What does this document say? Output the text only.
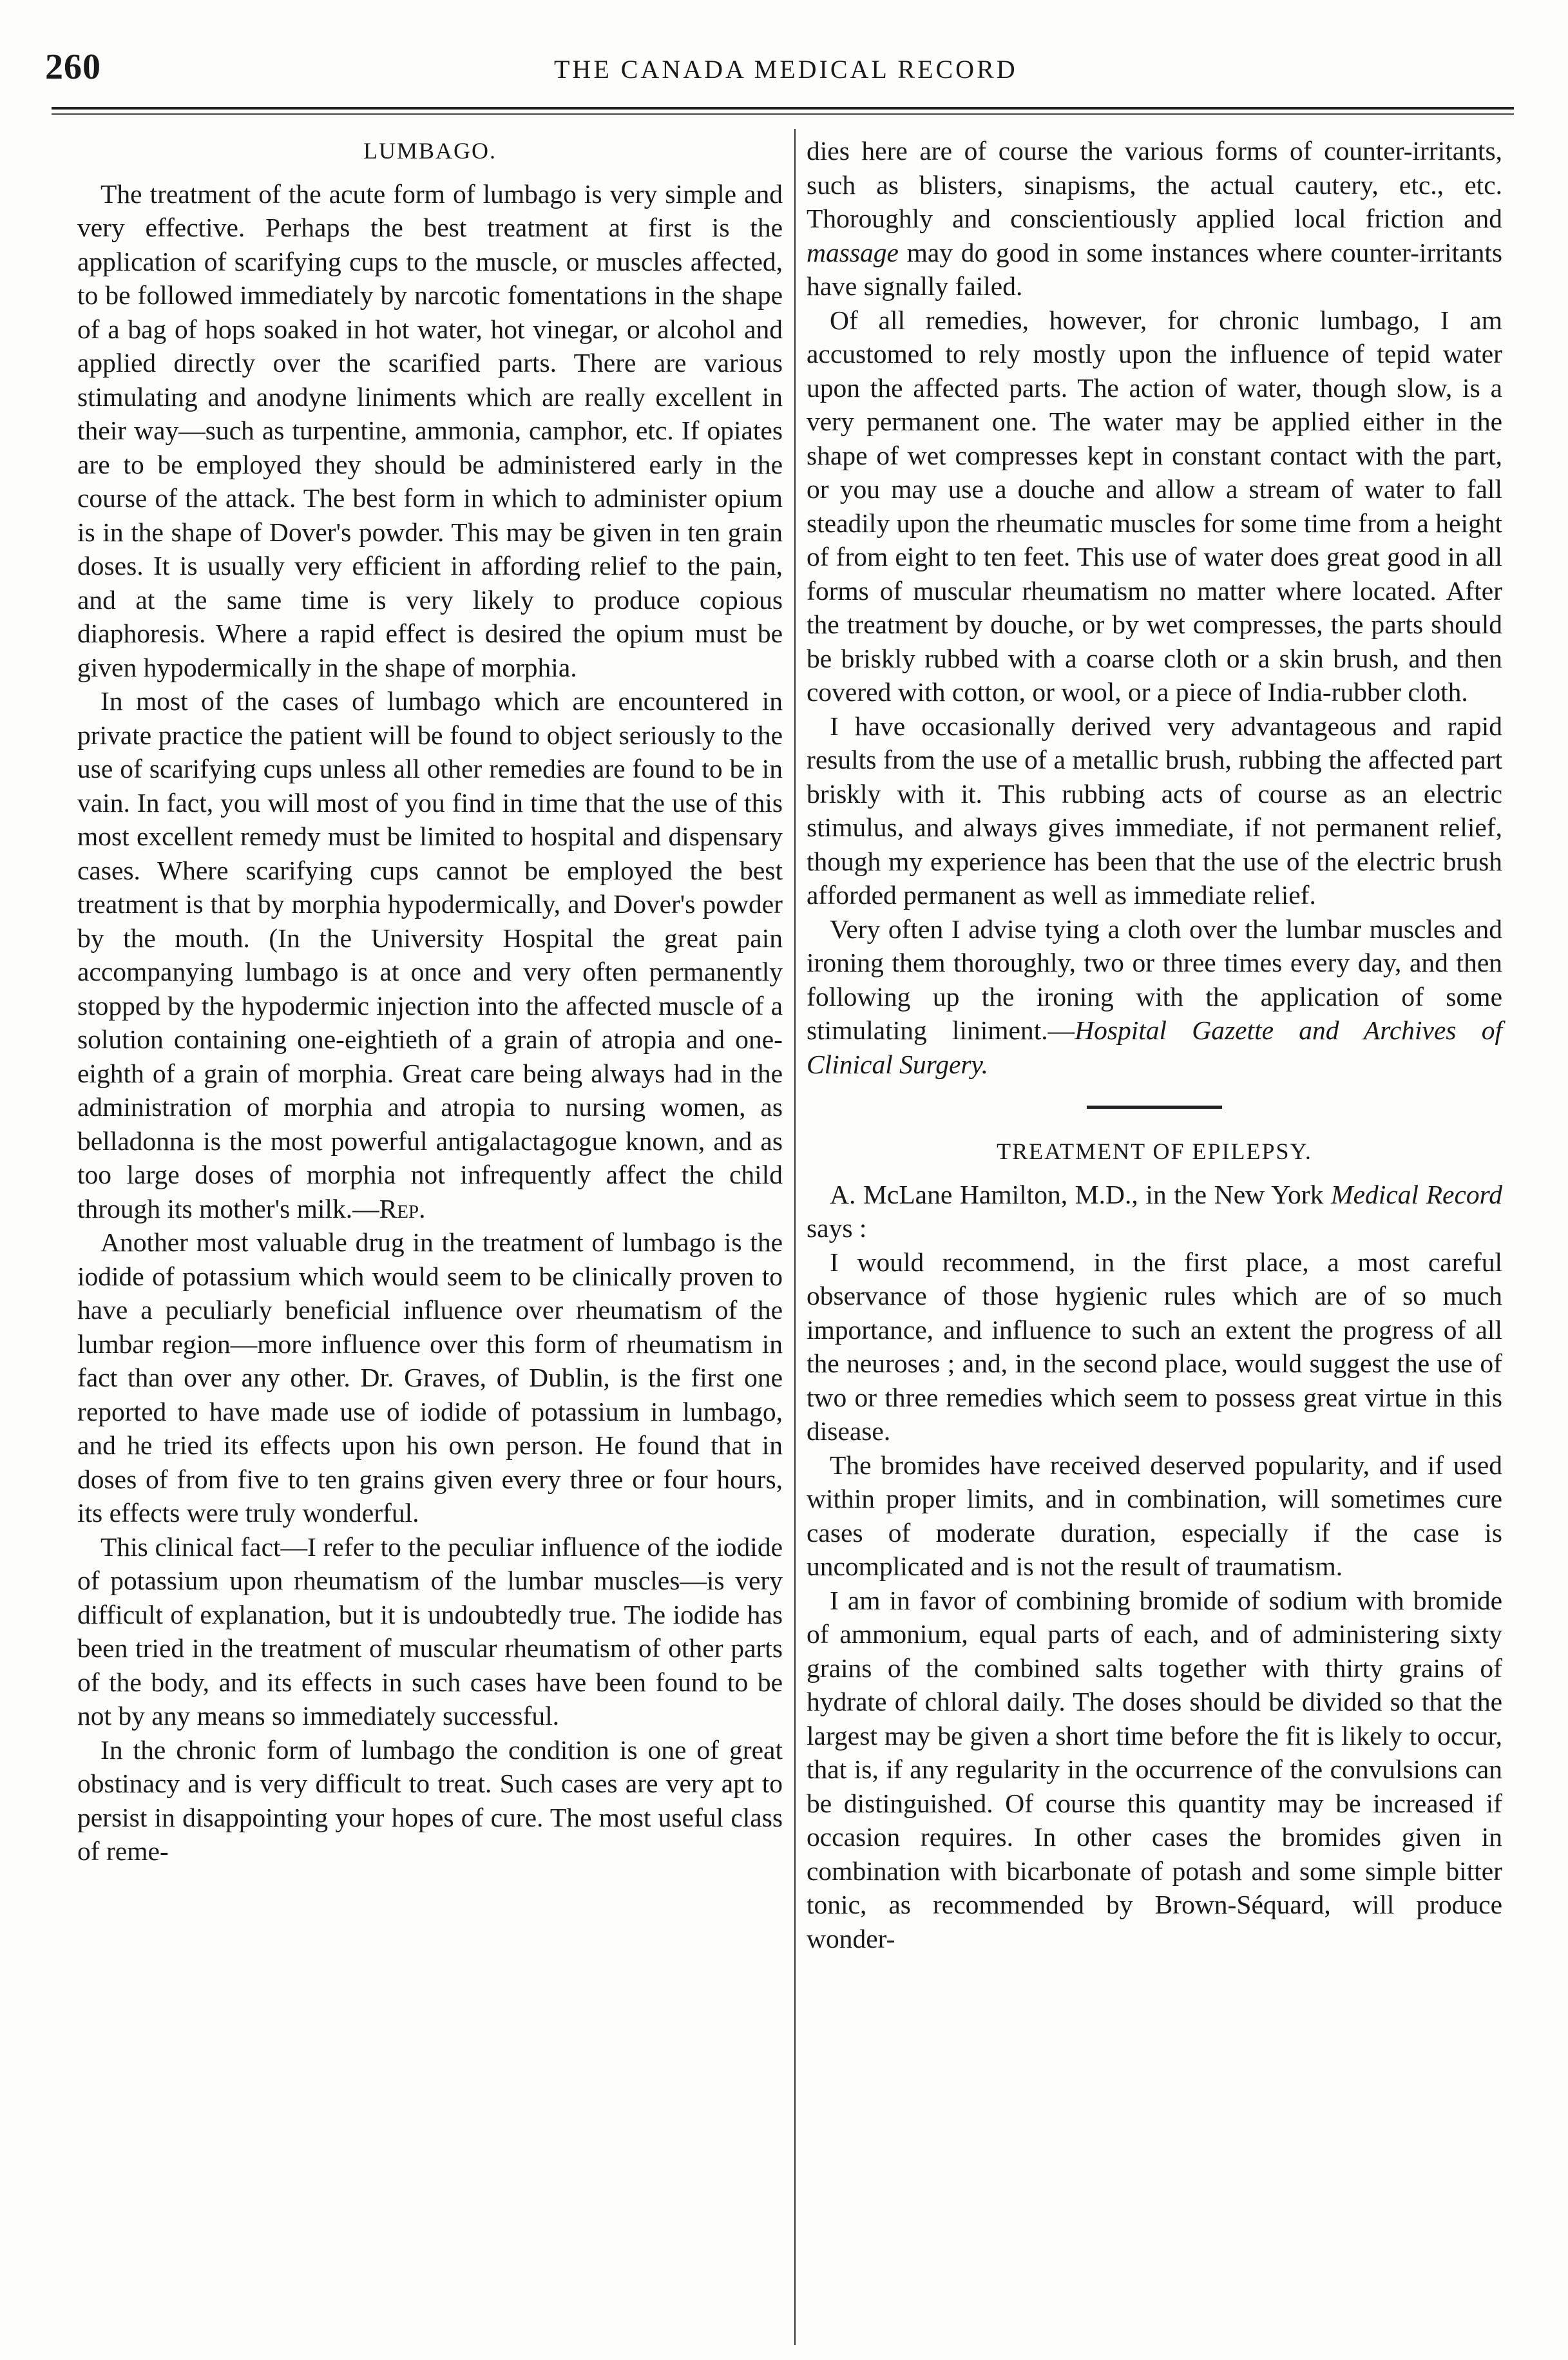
260	THE CANADA MEDICAL RECORD
LUMBAGO.

The treatment of the acute form of lumbago is very simple and very effective. Perhaps the best treatment at first is the application of scarifying cups to the muscle, or muscles affected, to be followed immediately by narcotic fomentations in the shape of a bag of hops soaked in hot water, hot vinegar, or alcohol and applied directly over the scarified parts. There are various stimulating and anodyne liniments which are really excellent in their way—such as turpentine, ammonia, camphor, etc. If opiates are to be employed they should be administered early in the course of the attack. The best form in which to administer opium is in the shape of Dover's powder. This may be given in ten grain doses. It is usually very efficient in affording relief to the pain, and at the same time is very likely to produce copious diaphoresis. Where a rapid effect is desired the opium must be given hypodermically in the shape of morphia.

In most of the cases of lumbago which are encountered in private practice the patient will be found to object seriously to the use of scarifying cups unless all other remedies are found to be in vain. In fact, you will most of you find in time that the use of this most excellent remedy must be limited to hospital and dispensary cases. Where scarifying cups cannot be employed the best treatment is that by morphia hypodermically, and Dover's powder by the mouth. (In the University Hospital the great pain accompanying lumbago is at once and very often permanently stopped by the hypodermic injection into the affected muscle of a solution containing one-eightieth of a grain of atropia and one-eighth of a grain of morphia. Great care being always had in the administration of morphia and atropia to nursing women, as belladonna is the most powerful antigalactagogue known, and as too large doses of morphia not infrequently affect the child through its mother's milk.—Rep.

Another most valuable drug in the treatment of lumbago is the iodide of potassium which would seem to be clinically proven to have a peculiarly beneficial influence over rheumatism of the lumbar region—more influence over this form of rheumatism in fact than over any other. Dr. Graves, of Dublin, is the first one reported to have made use of iodide of potassium in lumbago, and he tried its effects upon his own person. He found that in doses of from five to ten grains given every three or four hours, its effects were truly wonderful.

This clinical fact—I refer to the peculiar influence of the iodide of potassium upon rheumatism of the lumbar muscles—is very difficult of explanation, but it is undoubtedly true. The iodide has been tried in the treatment of muscular rheumatism of other parts of the body, and its effects in such cases have been found to be not by any means so immediately successful.

In the chronic form of lumbago the condition is one of great obstinacy and is very difficult to treat. Such cases are very apt to persist in disappointing your hopes of cure. The most useful class of reme-

dies here are of course the various forms of counter-irritants, such as blisters, sinapisms, the actual cautery, etc., etc. Thoroughly and conscientiously applied local friction and massage may do good in some instances where counter-irritants have signally failed.

Of all remedies, however, for chronic lumbago, I am accustomed to rely mostly upon the influence of tepid water upon the affected parts. The action of water, though slow, is a very permanent one. The water may be applied either in the shape of wet compresses kept in constant contact with the part, or you may use a douche and allow a stream of water to fall steadily upon the rheumatic muscles for some time from a height of from eight to ten feet. This use of water does great good in all forms of muscular rheumatism no matter where located. After the treatment by douche, or by wet compresses, the parts should be briskly rubbed with a coarse cloth or a skin brush, and then covered with cotton, or wool, or a piece of India-rubber cloth.

I have occasionally derived very advantageous and rapid results from the use of a metallic brush, rubbing the affected part briskly with it. This rubbing acts of course as an electric stimulus, and always gives immediate, if not permanent relief, though my experience has been that the use of the electric brush afforded permanent as well as immediate relief.

Very often I advise tying a cloth over the lumbar muscles and ironing them thoroughly, two or three times every day, and then following up the ironing with the application of some stimulating liniment.—Hospital Gazette and Archives of Clinical Surgery.

TREATMENT OF EPILEPSY.

A. McLane Hamilton, M.D., in the New York Medical Record says :

I would recommend, in the first place, a most careful observance of those hygienic rules which are of so much importance, and influence to such an extent the progress of all the neuroses ; and, in the second place, would suggest the use of two or three remedies which seem to possess great virtue in this disease.

The bromides have received deserved popularity, and if used within proper limits, and in combination, will sometimes cure cases of moderate duration, especially if the case is uncomplicated and is not the result of traumatism.

I am in favor of combining bromide of sodium with bromide of ammonium, equal parts of each, and of administering sixty grains of the combined salts together with thirty grains of hydrate of chloral daily. The doses should be divided so that the largest may be given a short time before the fit is likely to occur, that is, if any regularity in the occurrence of the convulsions can be distinguished. Of course this quantity may be increased if occasion requires. In other cases the bromides given in combination with bicarbonate of potash and some simple bitter tonic, as recommended by Brown-Séquard, will produce wonder-
